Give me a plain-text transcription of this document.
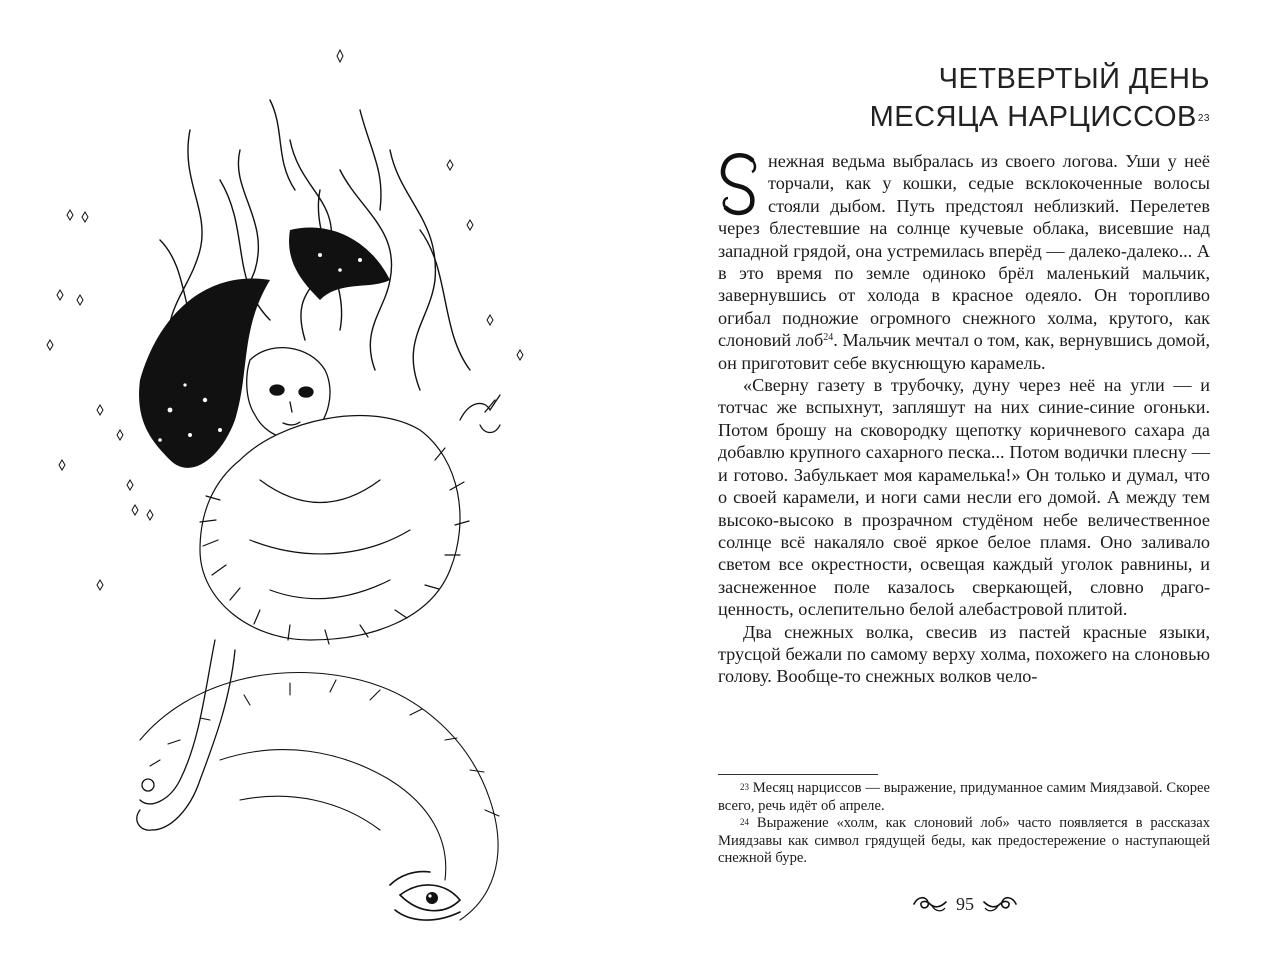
ЧЕТВЕРТЫЙ ДЕНЬ
МЕСЯЦА НАРЦИССОВ$^{23}$

С	нежная ведьма выбралась из своего логова. Уши у неё торчали, как у кошки, седые всклокоченные волосы стояли дыбом. Путь предстоял неблизкий. Перелетев через блестевшие на солнце кучевые облака, висевшие над западной грядой, она устремилась вперёд — далеко-далеко... А в это время по земле одиноко брёл маленький мальчик, завернувшись от холода в красное одеяло. Он торопливо огибал подножие огромного снежного холма, крутого, как слоновий лоб$^{24}$. Мальчик мечтал о том, как, вернувшись домой, он приготовит себе вкуснющую карамель.

«Сверну газету в трубочку, дуну через неё на угли — и тотчас же вспыхнут, запляшут на них синие-синие огоньки. Потом брошу на сковородку щепотку коричневого сахара да добавлю крупного сахарного песка... Потом водички плесну — и готово. Забулькает моя карамелька!» Он только и думал, что о своей карамели, и ноги сами несли его домой. А между тем высоко-высоко в прозрачном студёном небе величественное солнце всё накаляло своё яркое белое пламя. Оно заливало светом все окрестности, освещая каждый уголок равнины, и заснеженное поле казалось сверкающей, словно драгоценность, ослепительно белой алебастровой плитой.

Два снежных волка, свесив из пастей красные языки, трусцой бежали по самому верху холма, похожего на слоновью голову. Вообще-то снежных волков чело-

$^{23}$ Месяц нарциссов — выражение, придуманное самим Миядзавой. Скорее всего, речь идёт об апреле.

$^{24}$ Выражение «холм, как слоновий лоб» часто появляется в рассказах Миядзавы как символ грядущей беды, как предостережение о наступающей снежной буре.

95
